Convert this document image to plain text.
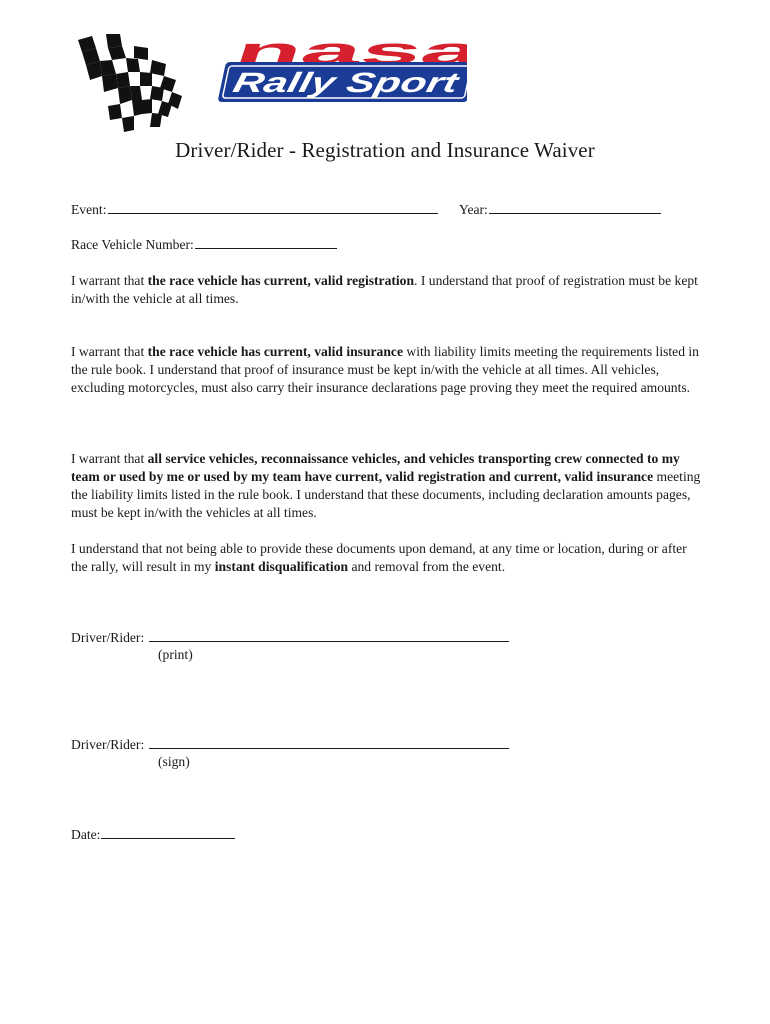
nasa
Rally Sport
Driver/Rider - Registration and Insurance Waiver
Event:	Year:
Race Vehicle Number:
I warrant that the race vehicle has current, valid registration. I understand that proof of registration must be kept in/with the vehicle at all times.
I warrant that the race vehicle has current, valid insurance with liability limits meeting the requirements listed in the rule book. I understand that proof of insurance must be kept in/with the vehicle at all times. All vehicles, excluding motorcycles, must also carry their insurance declarations page proving they meet the required amounts.
I warrant that all service vehicles, reconnaissance vehicles, and vehicles transporting crew connected to my team or used by me or used by my team have current, valid registration and current, valid insurance meeting the liability limits listed in the rule book. I understand that these documents, including declaration amounts pages, must be kept in/with the vehicles at all times.
I understand that not being able to provide these documents upon demand, at any time or location, during or after the rally, will result in my instant disqualification and removal from the event.
Driver/Rider:
(print)
Driver/Rider:
(sign)
Date:
